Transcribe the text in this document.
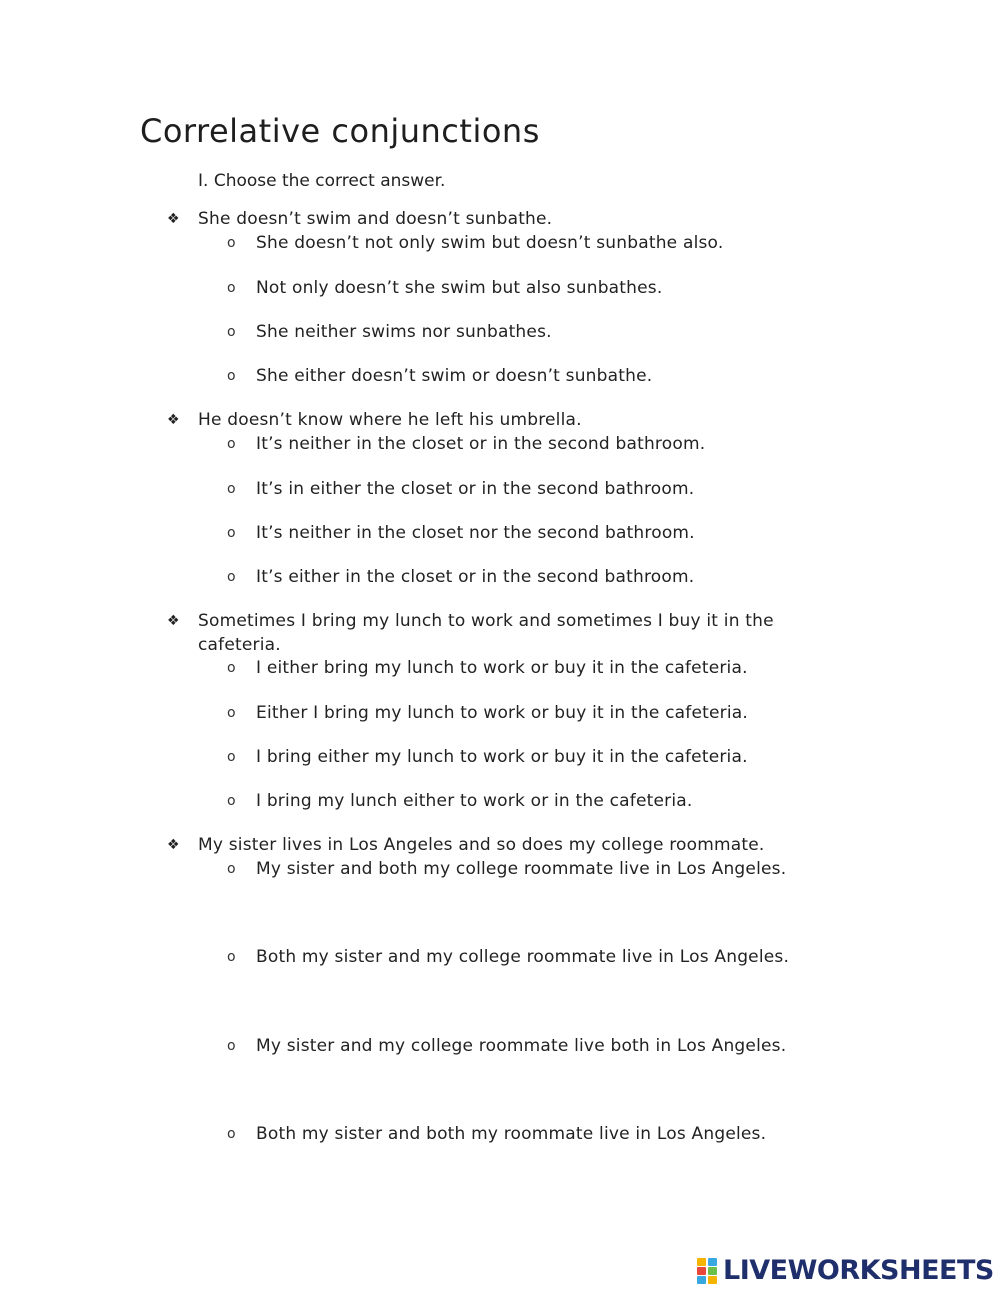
Correlative conjunctions
I. Choose the correct answer.
❖ She doesn’t swim and doesn’t sunbathe.
o She doesn’t not only swim but doesn’t sunbathe also.
o Not only doesn’t she swim but also sunbathes.
o She neither swims nor sunbathes.
o She either doesn’t swim or doesn’t sunbathe.
❖ He doesn’t know where he left his umbrella.
o It’s neither in the closet or in the second bathroom.
o It’s in either the closet or in the second bathroom.
o It’s neither in the closet nor the second bathroom.
o It’s either in the closet or in the second bathroom.
❖ Sometimes I bring my lunch to work and sometimes I buy it in the cafeteria.
o I either bring my lunch to work or buy it in the cafeteria.
o Either I bring my lunch to work or buy it in the cafeteria.
o I bring either my lunch to work or buy it in the cafeteria.
o I bring my lunch either to work or in the cafeteria.
❖ My sister lives in Los Angeles and so does my college roommate.
o My sister and both my college roommate live in Los Angeles.
o Both my sister and my college roommate live in Los Angeles.
o My sister and my college roommate live both in Los Angeles.
o Both my sister and both my roommate live in Los Angeles.
LIVEWORKSHEETS
